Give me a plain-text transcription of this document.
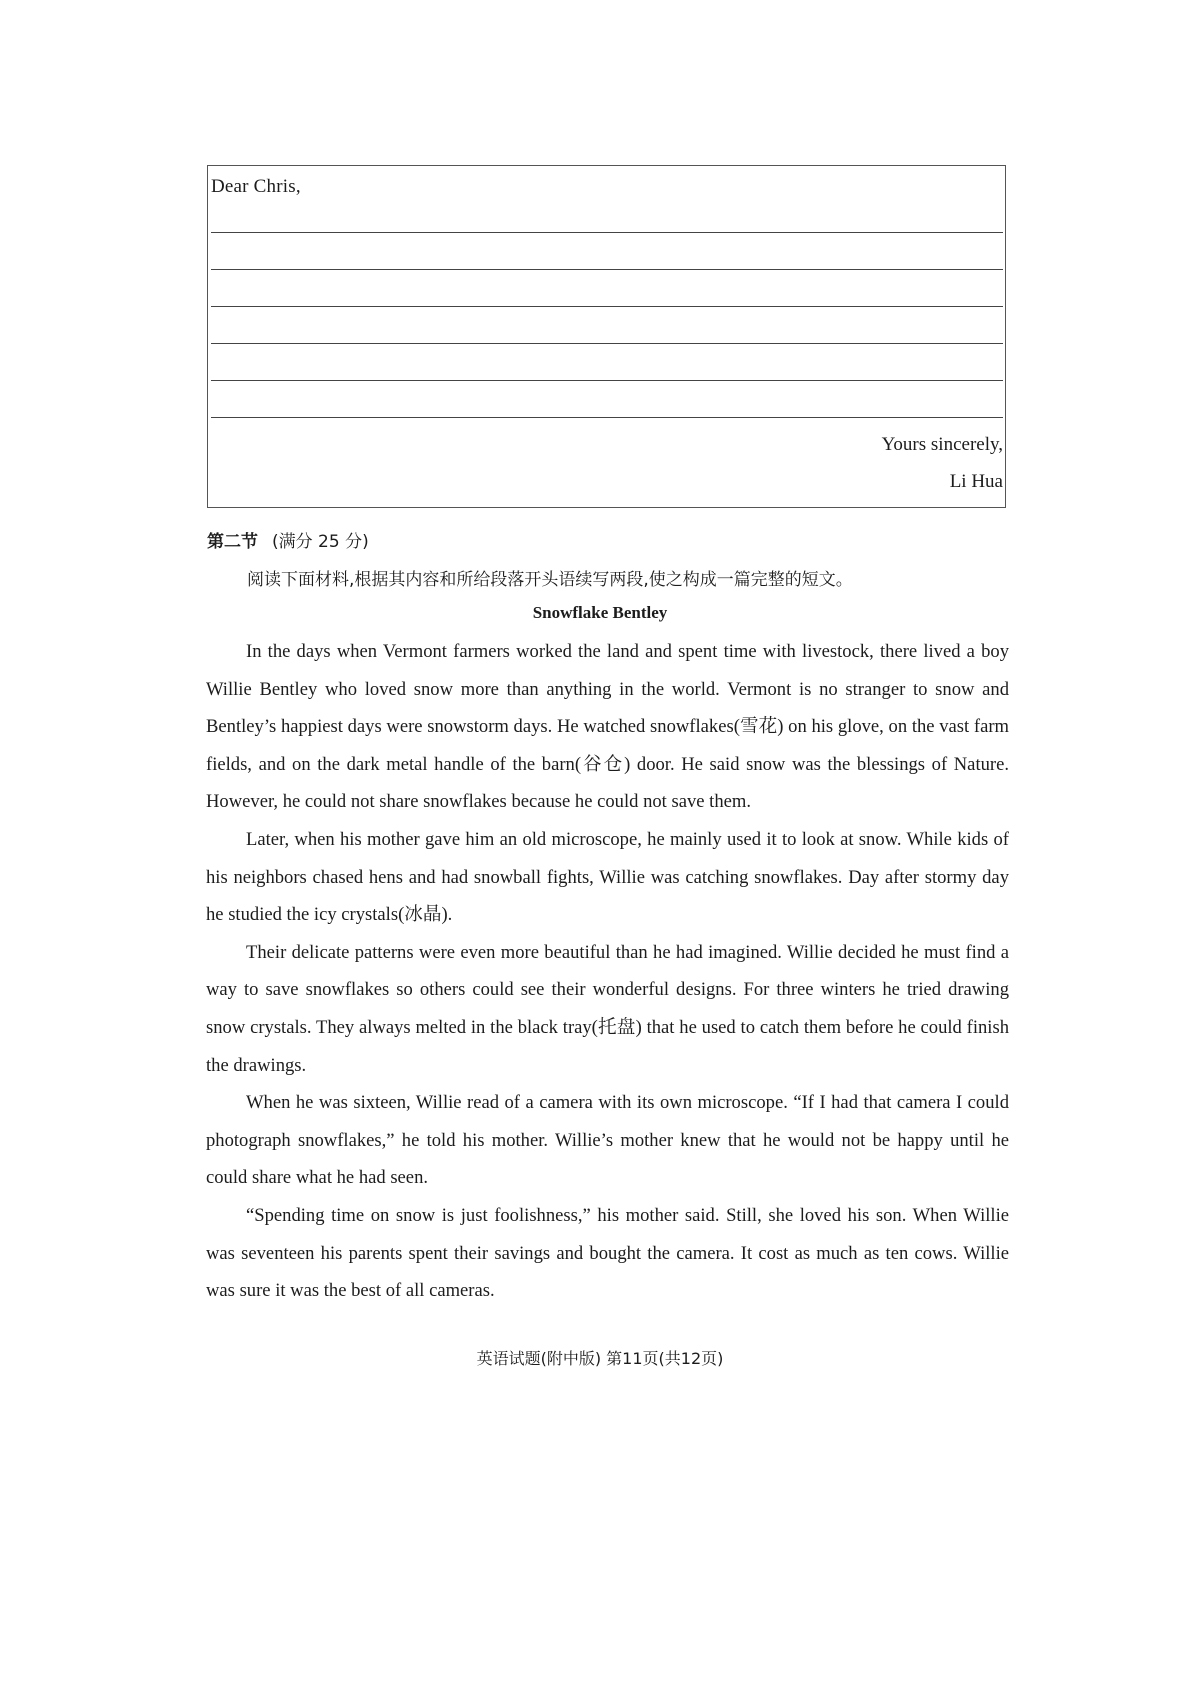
Dear Chris,
Yours sincerely,
Li Hua
第二节 (满分 25 分)
阅读下面材料,根据其内容和所给段落开头语续写两段,使之构成一篇完整的短文。
Snowflake Bentley

In the days when Vermont farmers worked the land and spent time with livestock, there lived a boy Willie Bentley who loved snow more than anything in the world. Vermont is no stranger to snow and Bentley’s happiest days were snowstorm days. He watched snowflakes(雪花) on his glove, on the vast farm fields, and on the dark metal handle of the barn(谷仓) door. He said snow was the blessings of Nature. However, he could not share snowflakes because he could not save them.

Later, when his mother gave him an old microscope, he mainly used it to look at snow. While kids of his neighbors chased hens and had snowball fights, Willie was catching snowflakes. Day after stormy day he studied the icy crystals(冰晶).

Their delicate patterns were even more beautiful than he had imagined. Willie decided he must find a way to save snowflakes so others could see their wonderful designs. For three winters he tried drawing snow crystals. They always melted in the black tray(托盘) that he used to catch them before he could finish the drawings.

When he was sixteen, Willie read of a camera with its own microscope. “If I had that camera I could photograph snowflakes,” he told his mother. Willie’s mother knew that he would not be happy until he could share what he had seen.

“Spending time on snow is just foolishness,” his mother said. Still, she loved his son. When Willie was seventeen his parents spent their savings and bought the camera. It cost as much as ten cows. Willie was sure it was the best of all cameras.

英语试题(附中版) 第11页(共12页)
